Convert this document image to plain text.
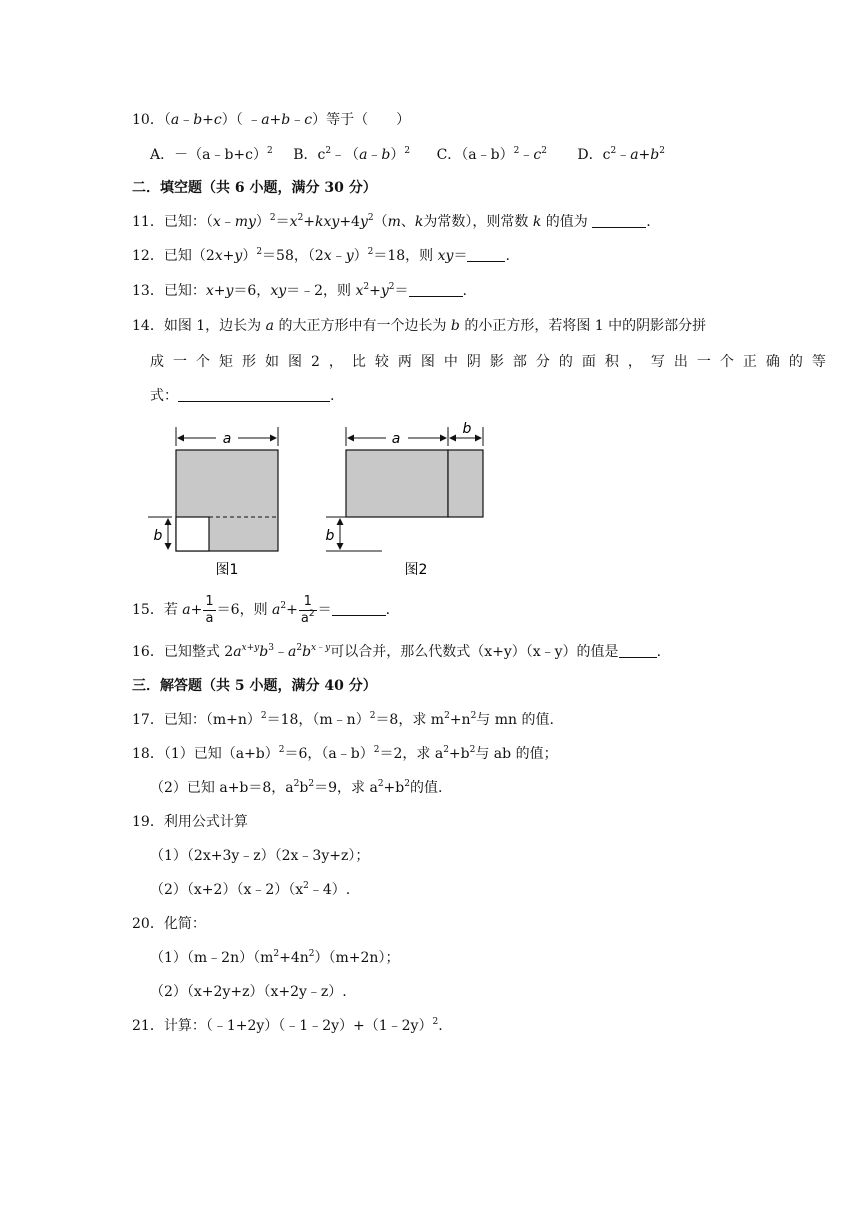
10．（a﹣b+c）（ ﹣a+b﹣c）等于（　　）
A．－（a﹣b+c）$^2$ B．$c^2﹣(a﹣b)^2$ C．$(a﹣b)^2﹣c^2$ D．$c^2﹣a+b^2$
二．填空题（共 6 小题，满分 30 分）
11．已知：$(x﹣my)^2=x^2+kxy+4y^2(m$、k为常数），则常数 k 的值为	.
12．已知$(2x+y)^2=58$，（2x﹣y）$^2$＝18，则 xy＝	.
13．已知：x+y＝6，xy＝﹣2，则 $x^2+y^2=$	.
14．如图 1，边长为 a 的大正方形中有一个边长为 b 的小正方形，若将图 1 中的阴影部分拼
成一个矩形如图2，比较两图中阴影部分的面积，写出一个正确的等
式：	.
a
b
图1
a
b
b
图2
15．若 $a+ \frac{1}{a} =6$，则 $a^2+ \frac{1}{a^2}$ ＝	.
16．已知整式 $2a^{x+y}b^3﹣a^2b^{x﹣y}$可以合并，那么代数式（x+y）（x﹣y）的值是	.
三．解答题（共 5 小题，满分 40 分）
17．已知：$(m+n)^2=18$，（m﹣n）$^2$＝8，求 $m^2+n^2$与 mn 的值.
18．（1）已知$(a+b)^2=6$，（a﹣b）$^2$＝2，求 $a^2+b^2$与 ab 的值；
（2）已知 a+b＝8，$a^2b^2=9$，求 $a^2+b^2$的值.
19．利用公式计算
（1）（2x+3y﹣z）（2x﹣3y+z）；
$(2)(x+2)(x﹣2)(x^2﹣4)$.
20．化简：
$(1)(m﹣2n)(m^2+4n^2)(m+2n)$；
（2）（x+2y+z）（x+2y﹣z）.
21．计算：（﹣1+2y）（﹣1﹣2y）+（1﹣2y）$^2$.
